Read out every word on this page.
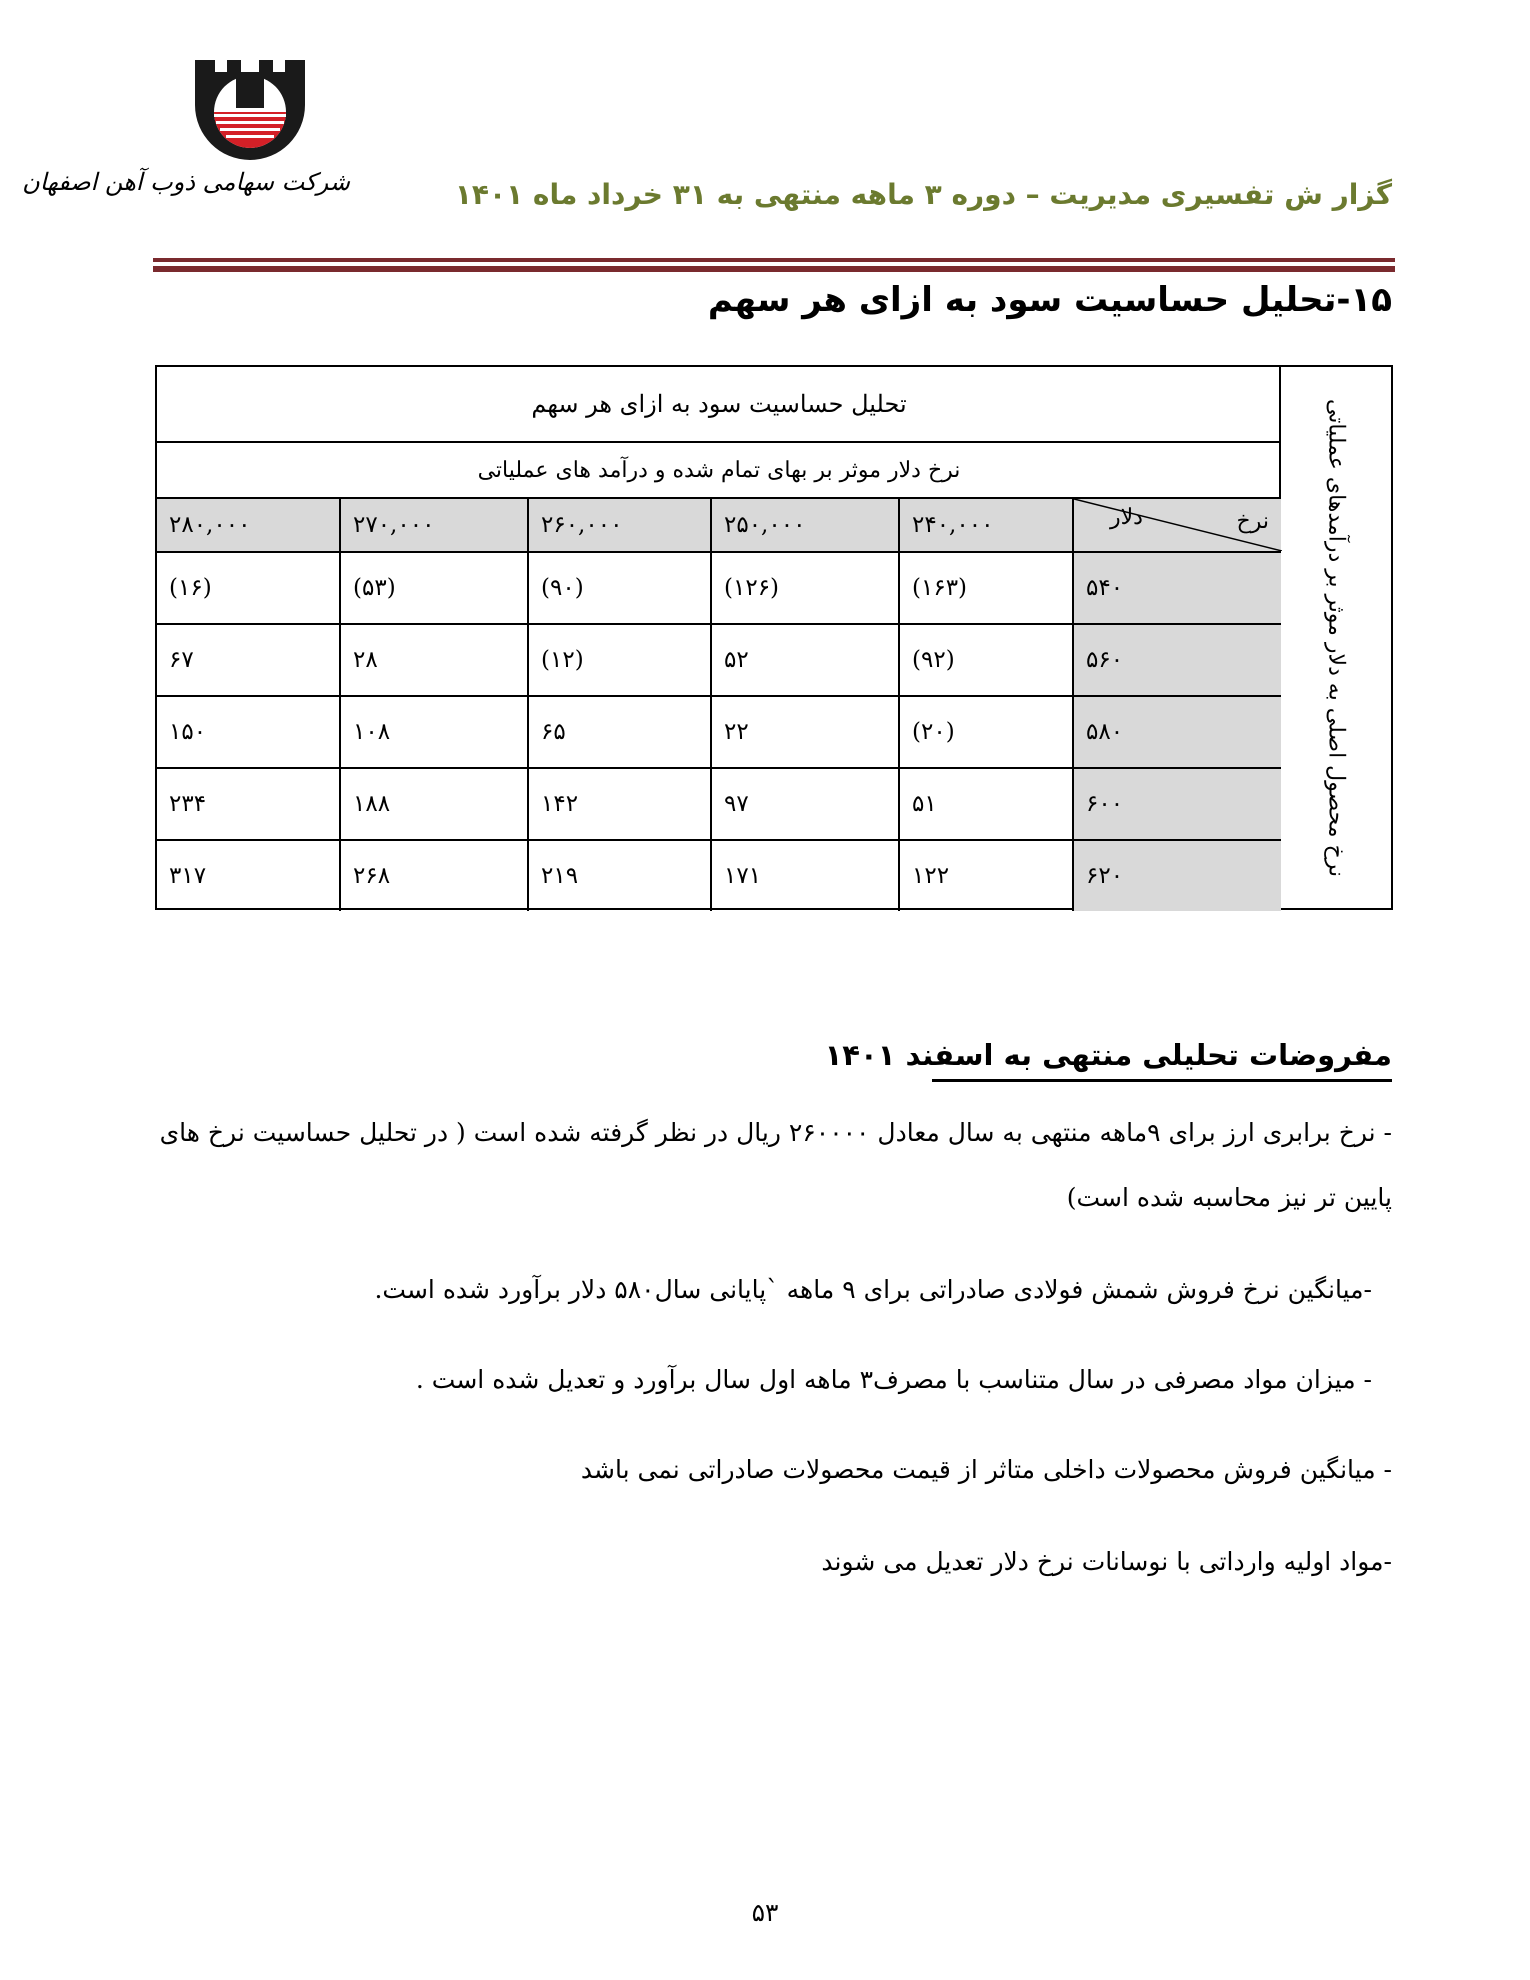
شرکت سهامی ذوب آهن اصفهان	گزار ش تفسیری مدیریت – دوره ۳ ماهه منتهی به ۳۱ خرداد ماه ۱۴۰۱
۱۵-تحلیل حساسیت سود به ازای هر سهم
نرخ محصول اصلی به دلار موثر بر درآمدهای عملیاتی
تحلیل حساسیت سود به ازای هر سهم
نرخ دلار موثر بر بهای تمام شده و درآمد های عملیاتی
۲۸۰,۰۰۰	۲۷۰,۰۰۰	۲۶۰,۰۰۰	۲۵۰,۰۰۰	۲۴۰,۰۰۰	نرخ
دلار

(۱۶)	(۵۳)	(۹۰)	(۱۲۶)	(۱۶۳)	۵۴۰
۶۷	۲۸	(۱۲)	۵۲	(۹۲)	۵۶۰
۱۵۰	۱۰۸	۶۵	۲۲	(۲۰)	۵۸۰
۲۳۴	۱۸۸	۱۴۲	۹۷	۵۱	۶۰۰
۳۱۷	۲۶۸	۲۱۹	۱۷۱	۱۲۲	۶۲۰
مفروضات تحلیلی منتهی به اسفند ۱۴۰۱
- نرخ برابری ارز برای ۹ماهه منتهی به سال معادل ۲۶۰۰۰۰ ریال در نظر گرفته شده است ( در تحلیل حساسیت نرخ های
پایین تر نیز محاسبه شده است)
-میانگین نرخ فروش شمش فولادی صادراتی برای ۹ ماهه `پایانی سال۵۸۰ دلار برآورد شده است.
- میزان مواد مصرفی در سال متناسب با مصرف۳ ماهه اول سال برآورد و تعدیل شده است .
- میانگین فروش محصولات داخلی متاثر از قیمت محصولات صادراتی نمی باشد
-مواد اولیه وارداتی با نوسانات نرخ دلار تعدیل می شوند
۵۳
